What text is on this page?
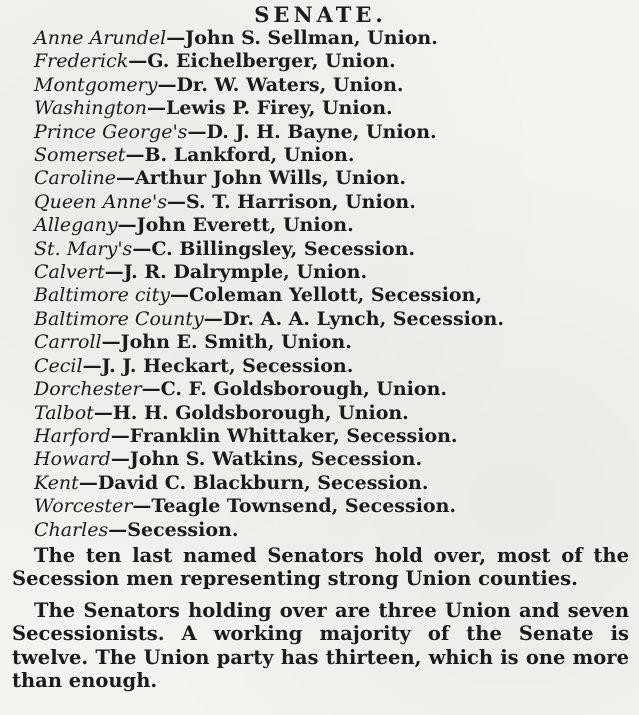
SENATE.
Anne Arundel—John S. Sellman, Union.
Frederick—G. Eichelberger, Union.
Montgomery—Dr. W. Waters, Union.
Washington—Lewis P. Firey, Union.
Prince George's—D. J. H. Bayne, Union.
Somerset—B. Lankford, Union.
Caroline—Arthur John Wills, Union.
Queen Anne's—S. T. Harrison, Union.
Allegany—John Everett, Union.
St. Mary's—C. Billingsley, Secession.
Calvert—J. R. Dalrymple, Union.
Baltimore city—Coleman Yellott, Secession,
Baltimore County—Dr. A. A. Lynch, Secession.
Carroll—John E. Smith, Union.
Cecil—J. J. Heckart, Secession.
Dorchester—C. F. Goldsborough, Union.
Talbot—H. H. Goldsborough, Union.
Harford—Franklin Whittaker, Secession.
Howard—John S. Watkins, Secession.
Kent—David C. Blackburn, Secession.
Worcester—Teagle Townsend, Secession.
Charles—Secession.

The ten last named Senators hold over, most of the Secession men representing strong Union counties.

The Senators holding over are three Union and seven Secessionists. A working majority of the Senate is twelve. The Union party has thirteen, which is one more than enough.
